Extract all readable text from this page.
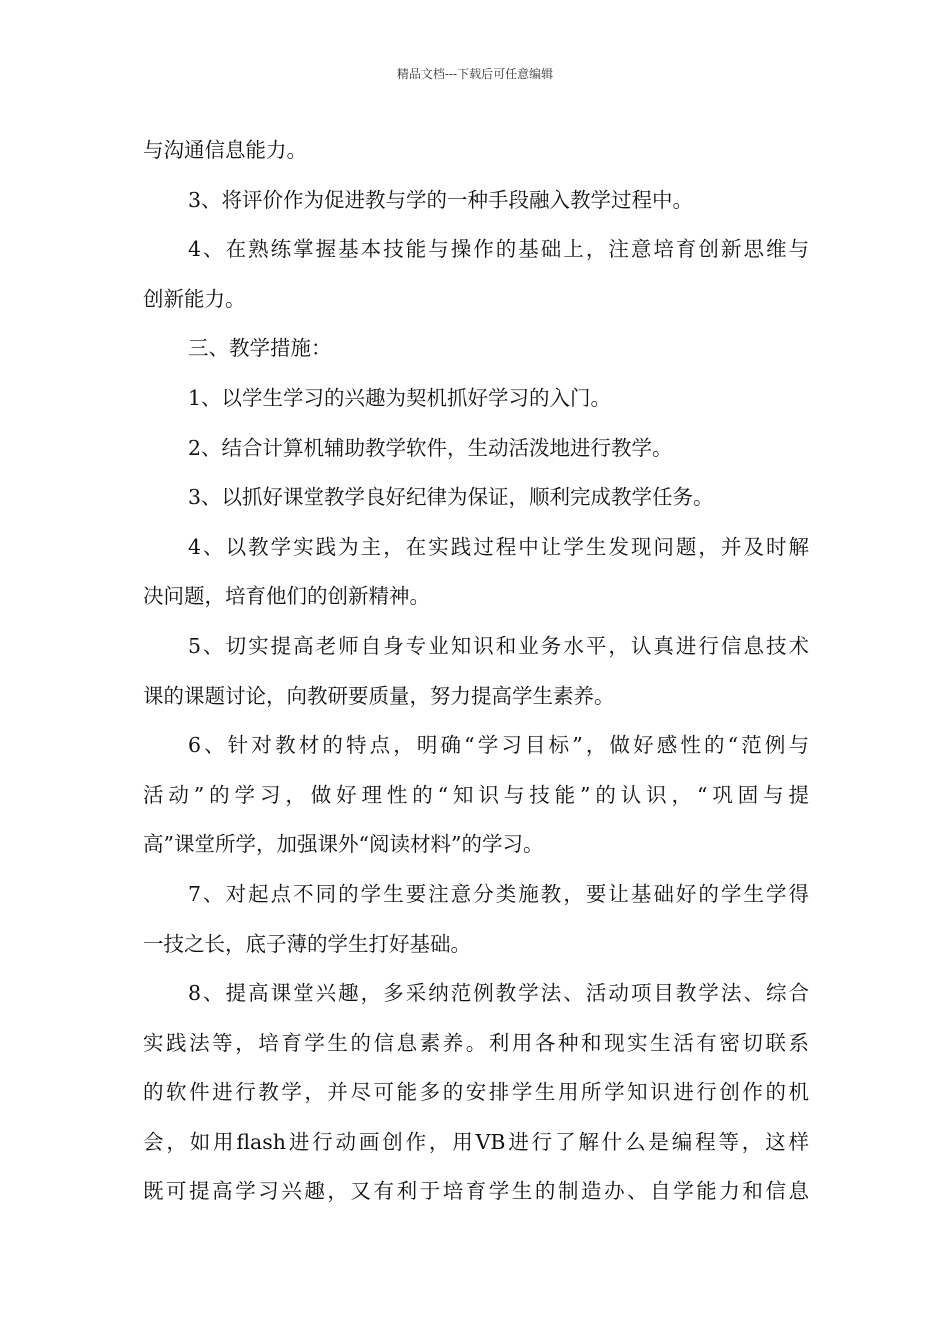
精品文档---下载后可任意编辑
与沟通信息能力。
3、将评价作为促进教与学的一种手段融入教学过程中。
4、在熟练掌握基本技能与操作的基础上，注意培育创新思维与
创新能力。
三、教学措施：
1、以学生学习的兴趣为契机抓好学习的入门。
2、结合计算机辅助教学软件，生动活泼地进行教学。
3、以抓好课堂教学良好纪律为保证，顺利完成教学任务。
4、以教学实践为主，在实践过程中让学生发现问题，并及时解
决问题，培育他们的创新精神。
5、切实提高老师自身专业知识和业务水平，认真进行信息技术
课的课题讨论，向教研要质量，努力提高学生素养。
6、针对教材的特点，明确“学习目标”，做好感性的“范例与
活动”的学习，做好理性的“知识与技能”的认识，“巩固与提
高”课堂所学，加强课外“阅读材料”的学习。
7、对起点不同的学生要注意分类施教，要让基础好的学生学得
一技之长，底子薄的学生打好基础。
8、提高课堂兴趣，多采纳范例教学法、活动项目教学法、综合
实践法等，培育学生的信息素养。利用各种和现实生活有密切联系
的软件进行教学，并尽可能多的安排学生用所学知识进行创作的机
会，如用flash进行动画创作，用VB进行了解什么是编程等，这样
既可提高学习兴趣，又有利于培育学生的制造办、自学能力和信息
